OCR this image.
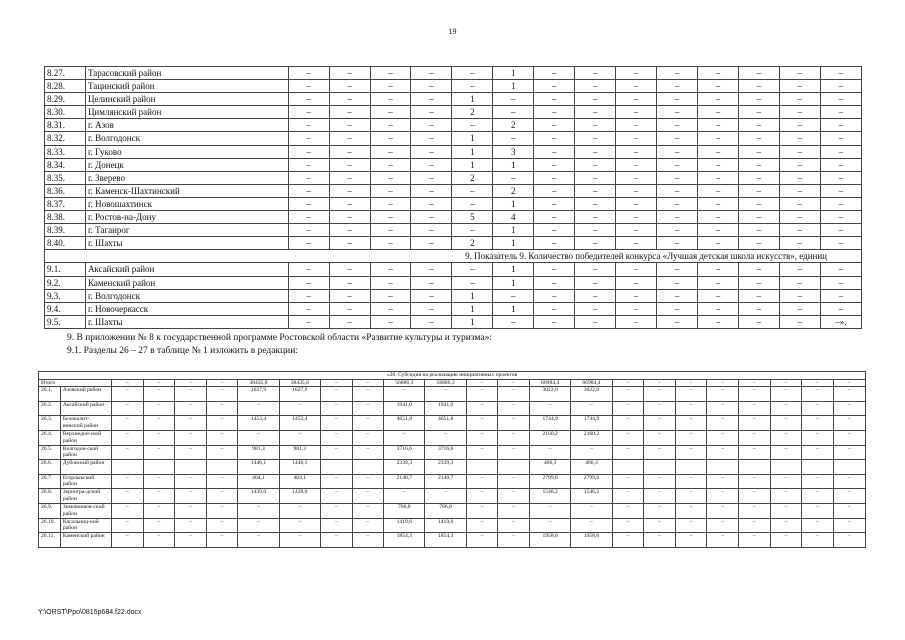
19
8.27.	Тарасовский район	–	–	–	–	–	1	–	–	–	–	–	–	–	–
8.28.	Тацинский район	–	–	–	–	–	1	–	–	–	–	–	–	–	–
8.29.	Целинский район	–	–	–	–	1	–	–	–	–	–	–	–	–	–
8.30.	Цимлянский район	–	–	–	–	2	–	–	–	–	–	–	–	–	–
8.31.	г. Азов	–	–	–	–	–	2	–	–	–	–	–	–	–	–
8.32.	г. Волгодонск	–	–	–	–	1	–	–	–	–	–	–	–	–	–
8.33.	г. Гуково	–	–	–	–	1	3	–	–	–	–	–	–	–	–
8.34.	г. Донецк	–	–	–	–	1	1	–	–	–	–	–	–	–	–
8.35.	г. Зверево	–	–	–	–	2	–	–	–	–	–	–	–	–	–
8.36.	г. Каменск-Шахтинский	–	–	–	–	–	2	–	–	–	–	–	–	–	–
8.37.	г. Новошахтинск	–	–	–	–	–	1	–	–	–	–	–	–	–	–
8.38.	г. Ростов-на-Дону	–	–	–	–	5	4	–	–	–	–	–	–	–	–
8.39.	г. Таганрог	–	–	–	–	–	1	–	–	–	–	–	–	–	–
8.40.	г. Шахты	–	–	–	–	2	1	–	–	–	–	–	–	–	–
9. Показатель 9. Количество победителей конкурса «Лучшая детская школа искусств», единиц															
9.1.	Аксайский район	–	–	–	–	–	1	–	–	–	–	–	–	–	–
9.2.	Каменский район	–	–	–	–	–	1	–	–	–	–	–	–	–	–
9.3.	г. Волгодонск	–	–	–	–	1	–	–	–	–	–	–	–	–	–
9.4.	г. Новочеркасск	–	–	–	–	1	1	–	–	–	–	–	–	–	–
9.5.	г. Шахты	–	–	–	–	1	–	–	–	–	–	–	–	–	–».
9. В приложении № 8 к государственной программе Ростовской области «Развитие культуры и туризма»:
9.1. Разделы 26 – 27 в таблице № 1 изложить в редакции:
«26. Субсидия на реализацию инициативных проектов																							
Итого		–	–	–	–	38435,8	38435,8	–	–	56886,3	56886,3	–	–	66984,4	66984,4	–	–	–	–	–	–	–	–
26.1.	Азовский район	–	–	–	–	1627,9	1627,9	–	–	–	–	–	–	3022,0	3022,0	–	–	–	–	–	–	–	–
26.2.	Аксайский район	–	–	–	–	–	–	–	–	1941,0	1941,0	–	–	–	–	–	–	–	–	–	–	–	–
26.3.	Белокалит-винский район	–	–	–	–	1453,4	1453,4	–	–	4651,8	4651,8	–	–	1744,9	1744,9	–	–	–	–	–	–	–	–
26.4.	Верхнедон-ской район	–	–	–	–	–	–	–	–	–	–	–	–	2160,2	2160,2	–	–	–	–	–	–	–	–
26.5.	Волгодон-ской район	–	–	–	–	981,3	981,3	–	–	3716,6	3716,6	–	–	–	–	–	–	–	–	–	–	–	–
26.6.	Дубовский район					1446,1	1446,1			2339,3	2339,3			466,3	466,3								
26.7.	Егорлыкский район	–	–	–	–	404,1	404,1	–	–	2140,7	2140,7	–	–	2799,6	2799,6	–	–	–	–	–	–	–	–
26.8.	Зерногра-дский район	–	–	–	–	1439,0	1439,0	–	–	–	–	–	–	1546,2	1546,2	–	–	–	–	–	–	–	–
26.9.	Зимовников-ский район	–	–	–	–	–	–	–	–	766,8	766,8	–	–	–	–	–	–	–	–	–	–	–	–
26.10.	Кагальниц-кий район	–	–	–	–	–	–	–	–	1419,6	1419,6	–	–	–	–	–	–	–	–	–	–	–	–
26.11.	Каменский район	–	–	–	–	–	–	–	–	1854,3	1854,3	–	–	1958,0	1958,0	–	–	–	–	–	–	–	–
Y:\ORST\Ppo\0815p684.f22.docx
